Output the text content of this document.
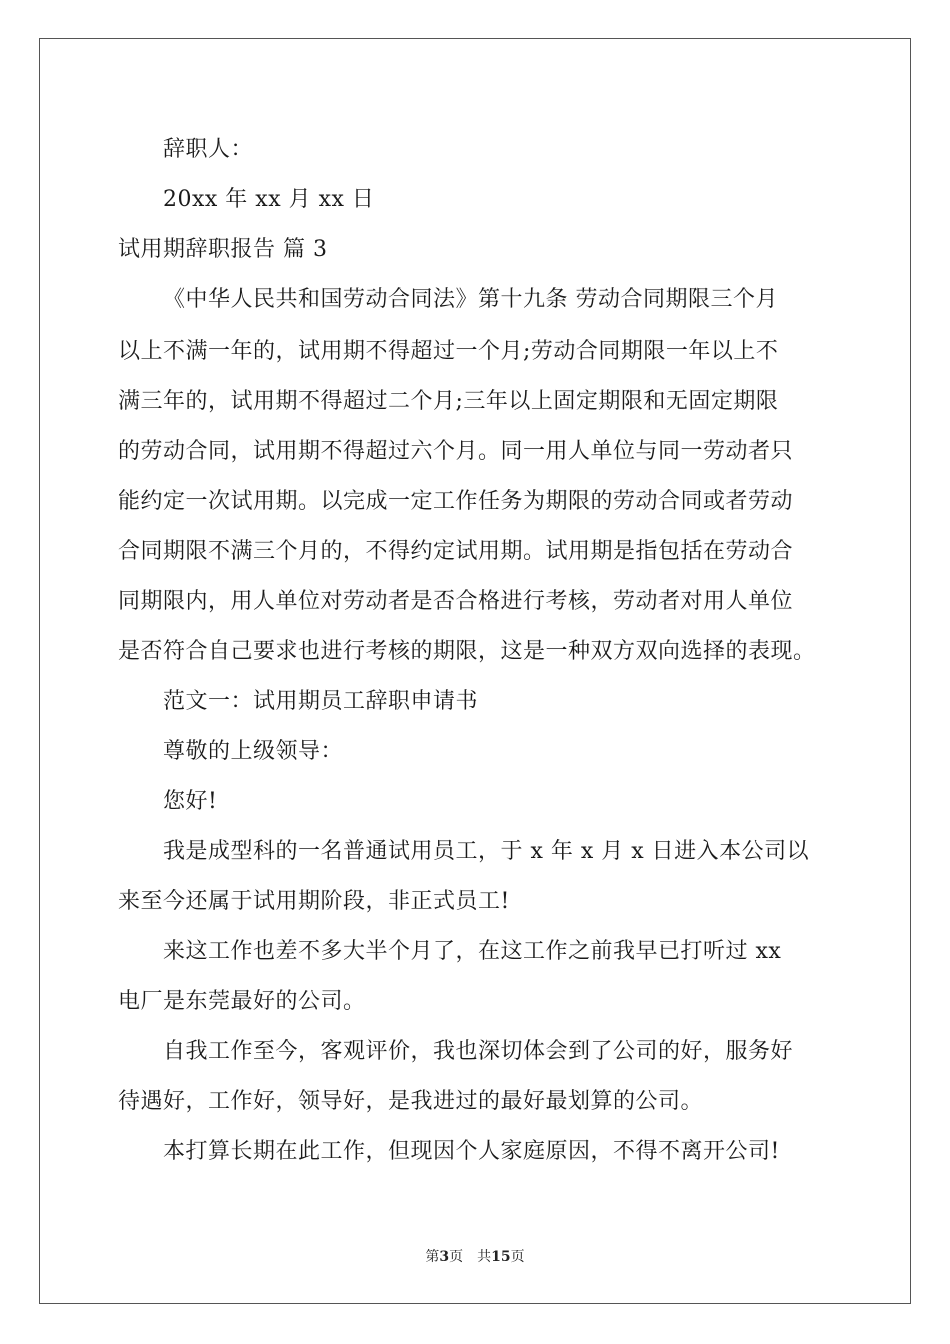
辞职人：
20xx 年 xx 月 xx 日
试用期辞职报告 篇 3
《中华人民共和国劳动合同法》第十九条 劳动合同期限三个月
以上不满一年的，试用期不得超过一个月;劳动合同期限一年以上不
满三年的，试用期不得超过二个月;三年以上固定期限和无固定期限
的劳动合同，试用期不得超过六个月。同一用人单位与同一劳动者只
能约定一次试用期。以完成一定工作任务为期限的劳动合同或者劳动
合同期限不满三个月的，不得约定试用期。试用期是指包括在劳动合
同期限内，用人单位对劳动者是否合格进行考核，劳动者对用人单位
是否符合自己要求也进行考核的期限，这是一种双方双向选择的表现。
范文一：试用期员工辞职申请书
尊敬的上级领导：
您好!
我是成型科的一名普通试用员工，于 x 年 x 月 x 日进入本公司以
来至今还属于试用期阶段，非正式员工!
来这工作也差不多大半个月了，在这工作之前我早已打听过 xx
电厂是东莞最好的公司。
自我工作至今，客观评价，我也深切体会到了公司的好，服务好
待遇好，工作好，领导好，是我进过的最好最划算的公司。
本打算长期在此工作，但现因个人家庭原因，不得不离开公司!
第3页 共15页
